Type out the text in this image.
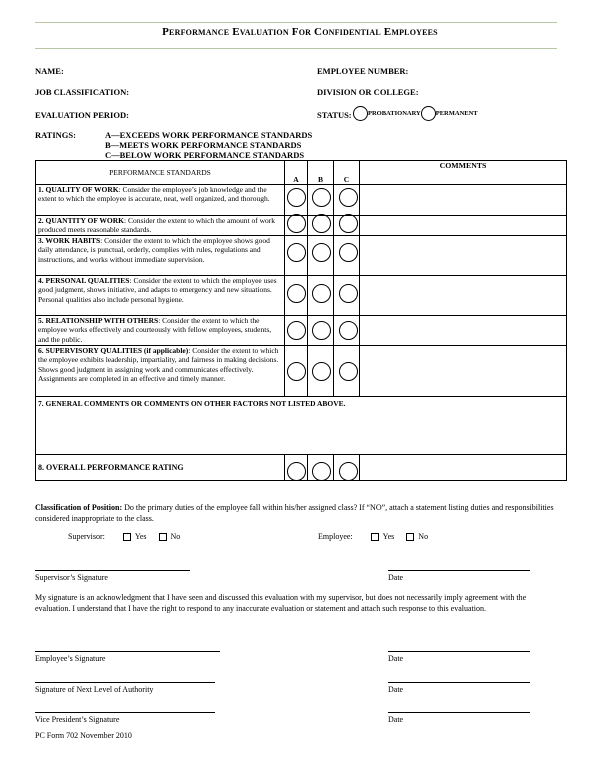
Performance Evaluation For Confidential Employees
NAME:	EMPLOYEE NUMBER:
JOB CLASSIFICATION:	DIVISION OR COLLEGE:
EVALUATION PERIOD:	STATUS:	PROBATIONARY PERMANENT
RATINGS:	A—EXCEEDS WORK PERFORMANCE STANDARDS
B—MEETS WORK PERFORMANCE STANDARDS
C—BELOW WORK PERFORMANCE STANDARDS
PERFORMANCE STANDARDS	A	B	C	COMMENTS
1. QUALITY OF WORK: Consider the employee’s job knowledge and the extent to which the employee is accurate, neat, well organized, and thorough.				
2. QUANTITY OF WORK: Consider the extent to which the amount of work produced meets reasonable standards.				
3. WORK HABITS: Consider the extent to which the employee shows good daily attendance, is punctual, orderly, complies with rules, regulations and instructions, and works without immediate supervision.				
4. PERSONAL QUALITIES: Consider the extent to which the employee uses good judgment, shows initiative, and adapts to emergency and new situations. Personal qualities also include personal hygiene.				
5. RELATIONSHIP WITH OTHERS: Consider the extent to which the employee works effectively and courteously with fellow employees, students, and the public.				
6. SUPERVISORY QUALITIES (if applicable): Consider the extent to which the employee exhibits leadership, impartiality, and fairness in making decisions. Shows good judgment in assigning work and communicates effectively. Assignments are completed in an effective and timely manner.				
7. GENERAL COMMENTS OR COMMENTS ON OTHER FACTORS NOT LISTED ABOVE.				
8. OVERALL PERFORMANCE RATING				
Classification of Position: Do the primary duties of the employee fall within his/her assigned class? If “NO”, attach a statement listing duties and responsibilities considered inappropriate to the class.
Supervisor:	Yes	No	Employee:	Yes	No
Supervisor’s Signature	Date
My signature is an acknowledgment that I have seen and discussed this evaluation with my supervisor, but does not necessarily imply agreement with the evaluation. I understand that I have the right to respond to any inaccurate evaluation or statement and attach such response to this evaluation.
Employee’s Signature	Date
Signature of Next Level of Authority	Date
Vice President’s Signature	Date
PC Form 702 November 2010
